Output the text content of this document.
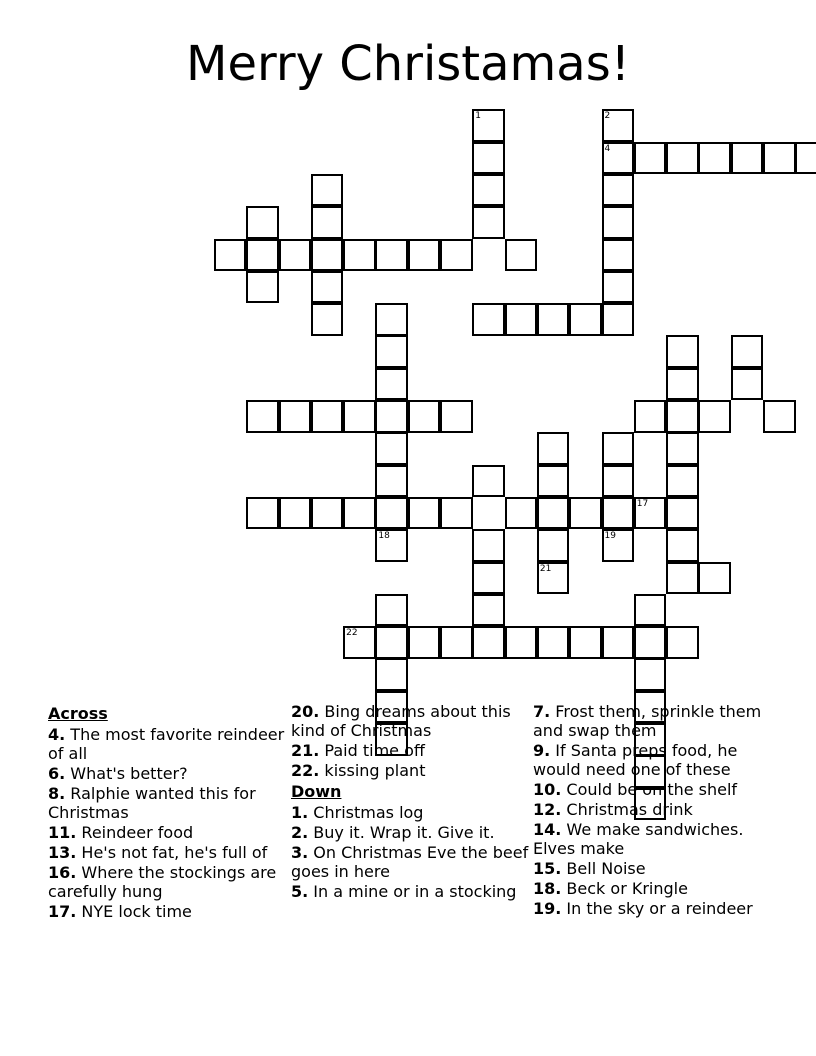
Merry Christamas!
1	2
4
18
21
19
17
22
Across
4. The most favorite reindeer of all
6. What's better?
8. Ralphie wanted this for Christmas
11. Reindeer food
13. He's not fat, he's full of
16. Where the stockings are carefully hung
17. NYE lock time
20. Bing dreams about this kind of Christmas
21. Paid time off
22. kissing plant
Down
1. Christmas log
2. Buy it. Wrap it. Give it.
3. On Christmas Eve the beef goes in here
5. In a mine or in a stocking
7. Frost them, sprinkle them and swap them
9. If Santa preps food, he would need one of these
10. Could be on the shelf
12. Christmas drink
14. We make sandwiches. Elves make
15. Bell Noise
18. Beck or Kringle
19. In the sky or a reindeer
